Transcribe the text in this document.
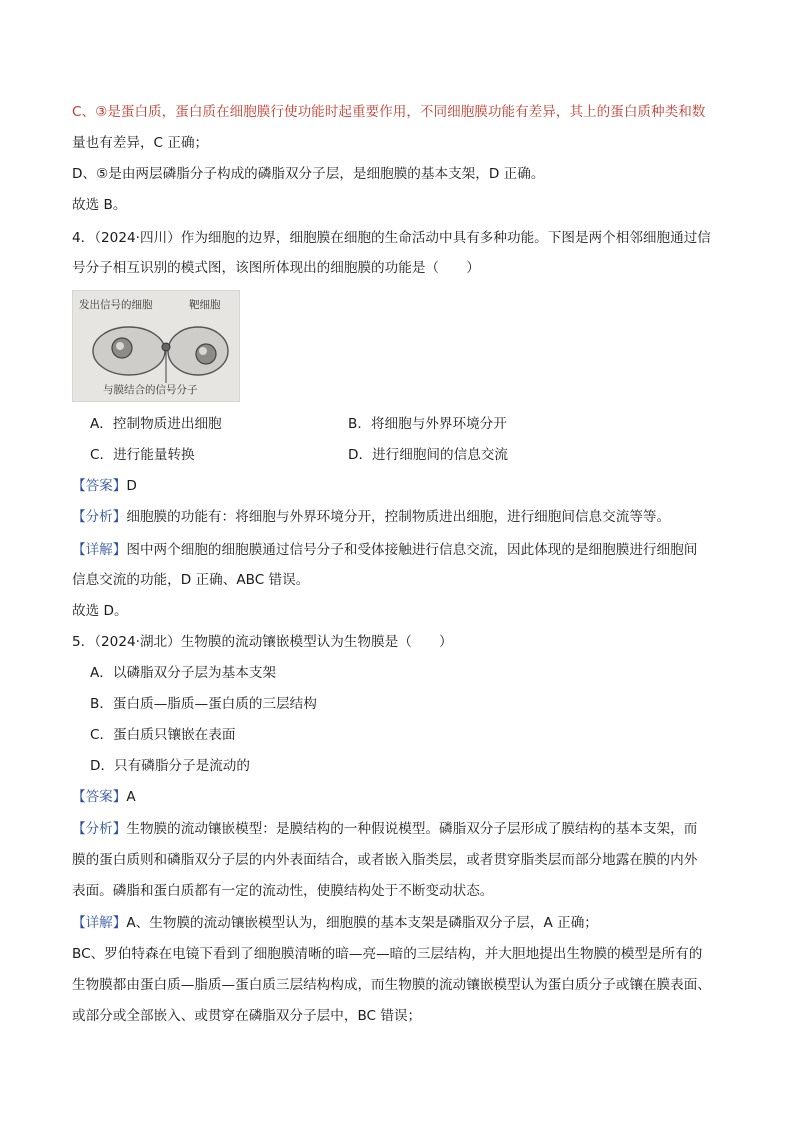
C、③是蛋白质，蛋白质在细胞膜行使功能时起重要作用，不同细胞膜功能有差异，其上的蛋白质种类和数
量也有差异，C 正确；
D、⑤是由两层磷脂分子构成的磷脂双分子层，是细胞膜的基本支架，D 正确。
故选 B。
4．（2024·四川）作为细胞的边界，细胞膜在细胞的生命活动中具有多种功能。下图是两个相邻细胞通过信
号分子相互识别的模式图，该图所体现出的细胞膜的功能是（　　）
发出信号的细胞	靶细胞
与膜结合的信号分子
A．控制物质进出细胞	B．将细胞与外界环境分开
C．进行能量转换	D．进行细胞间的信息交流
【答案】D
【分析】细胞膜的功能有：将细胞与外界环境分开，控制物质进出细胞，进行细胞间信息交流等等。
【详解】图中两个细胞的细胞膜通过信号分子和受体接触进行信息交流，因此体现的是细胞膜进行细胞间
信息交流的功能，D 正确、ABC 错误。
故选 D。
5．（2024·湖北）生物膜的流动镶嵌模型认为生物膜是（　　）
A．以磷脂双分子层为基本支架
B．蛋白质—脂质—蛋白质的三层结构
C．蛋白质只镶嵌在表面
D．只有磷脂分子是流动的
【答案】A
【分析】生物膜的流动镶嵌模型：是膜结构的一种假说模型。磷脂双分子层形成了膜结构的基本支架，而
膜的蛋白质则和磷脂双分子层的内外表面结合，或者嵌入脂类层，或者贯穿脂类层而部分地露在膜的内外
表面。磷脂和蛋白质都有一定的流动性，使膜结构处于不断变动状态。
【详解】A、生物膜的流动镶嵌模型认为，细胞膜的基本支架是磷脂双分子层，A 正确；
BC、罗伯特森在电镜下看到了细胞膜清晰的暗—亮—暗的三层结构，并大胆地提出生物膜的模型是所有的
生物膜都由蛋白质—脂质—蛋白质三层结构构成，而生物膜的流动镶嵌模型认为蛋白质分子或镶在膜表面、
或部分或全部嵌入、或贯穿在磷脂双分子层中，BC 错误；
